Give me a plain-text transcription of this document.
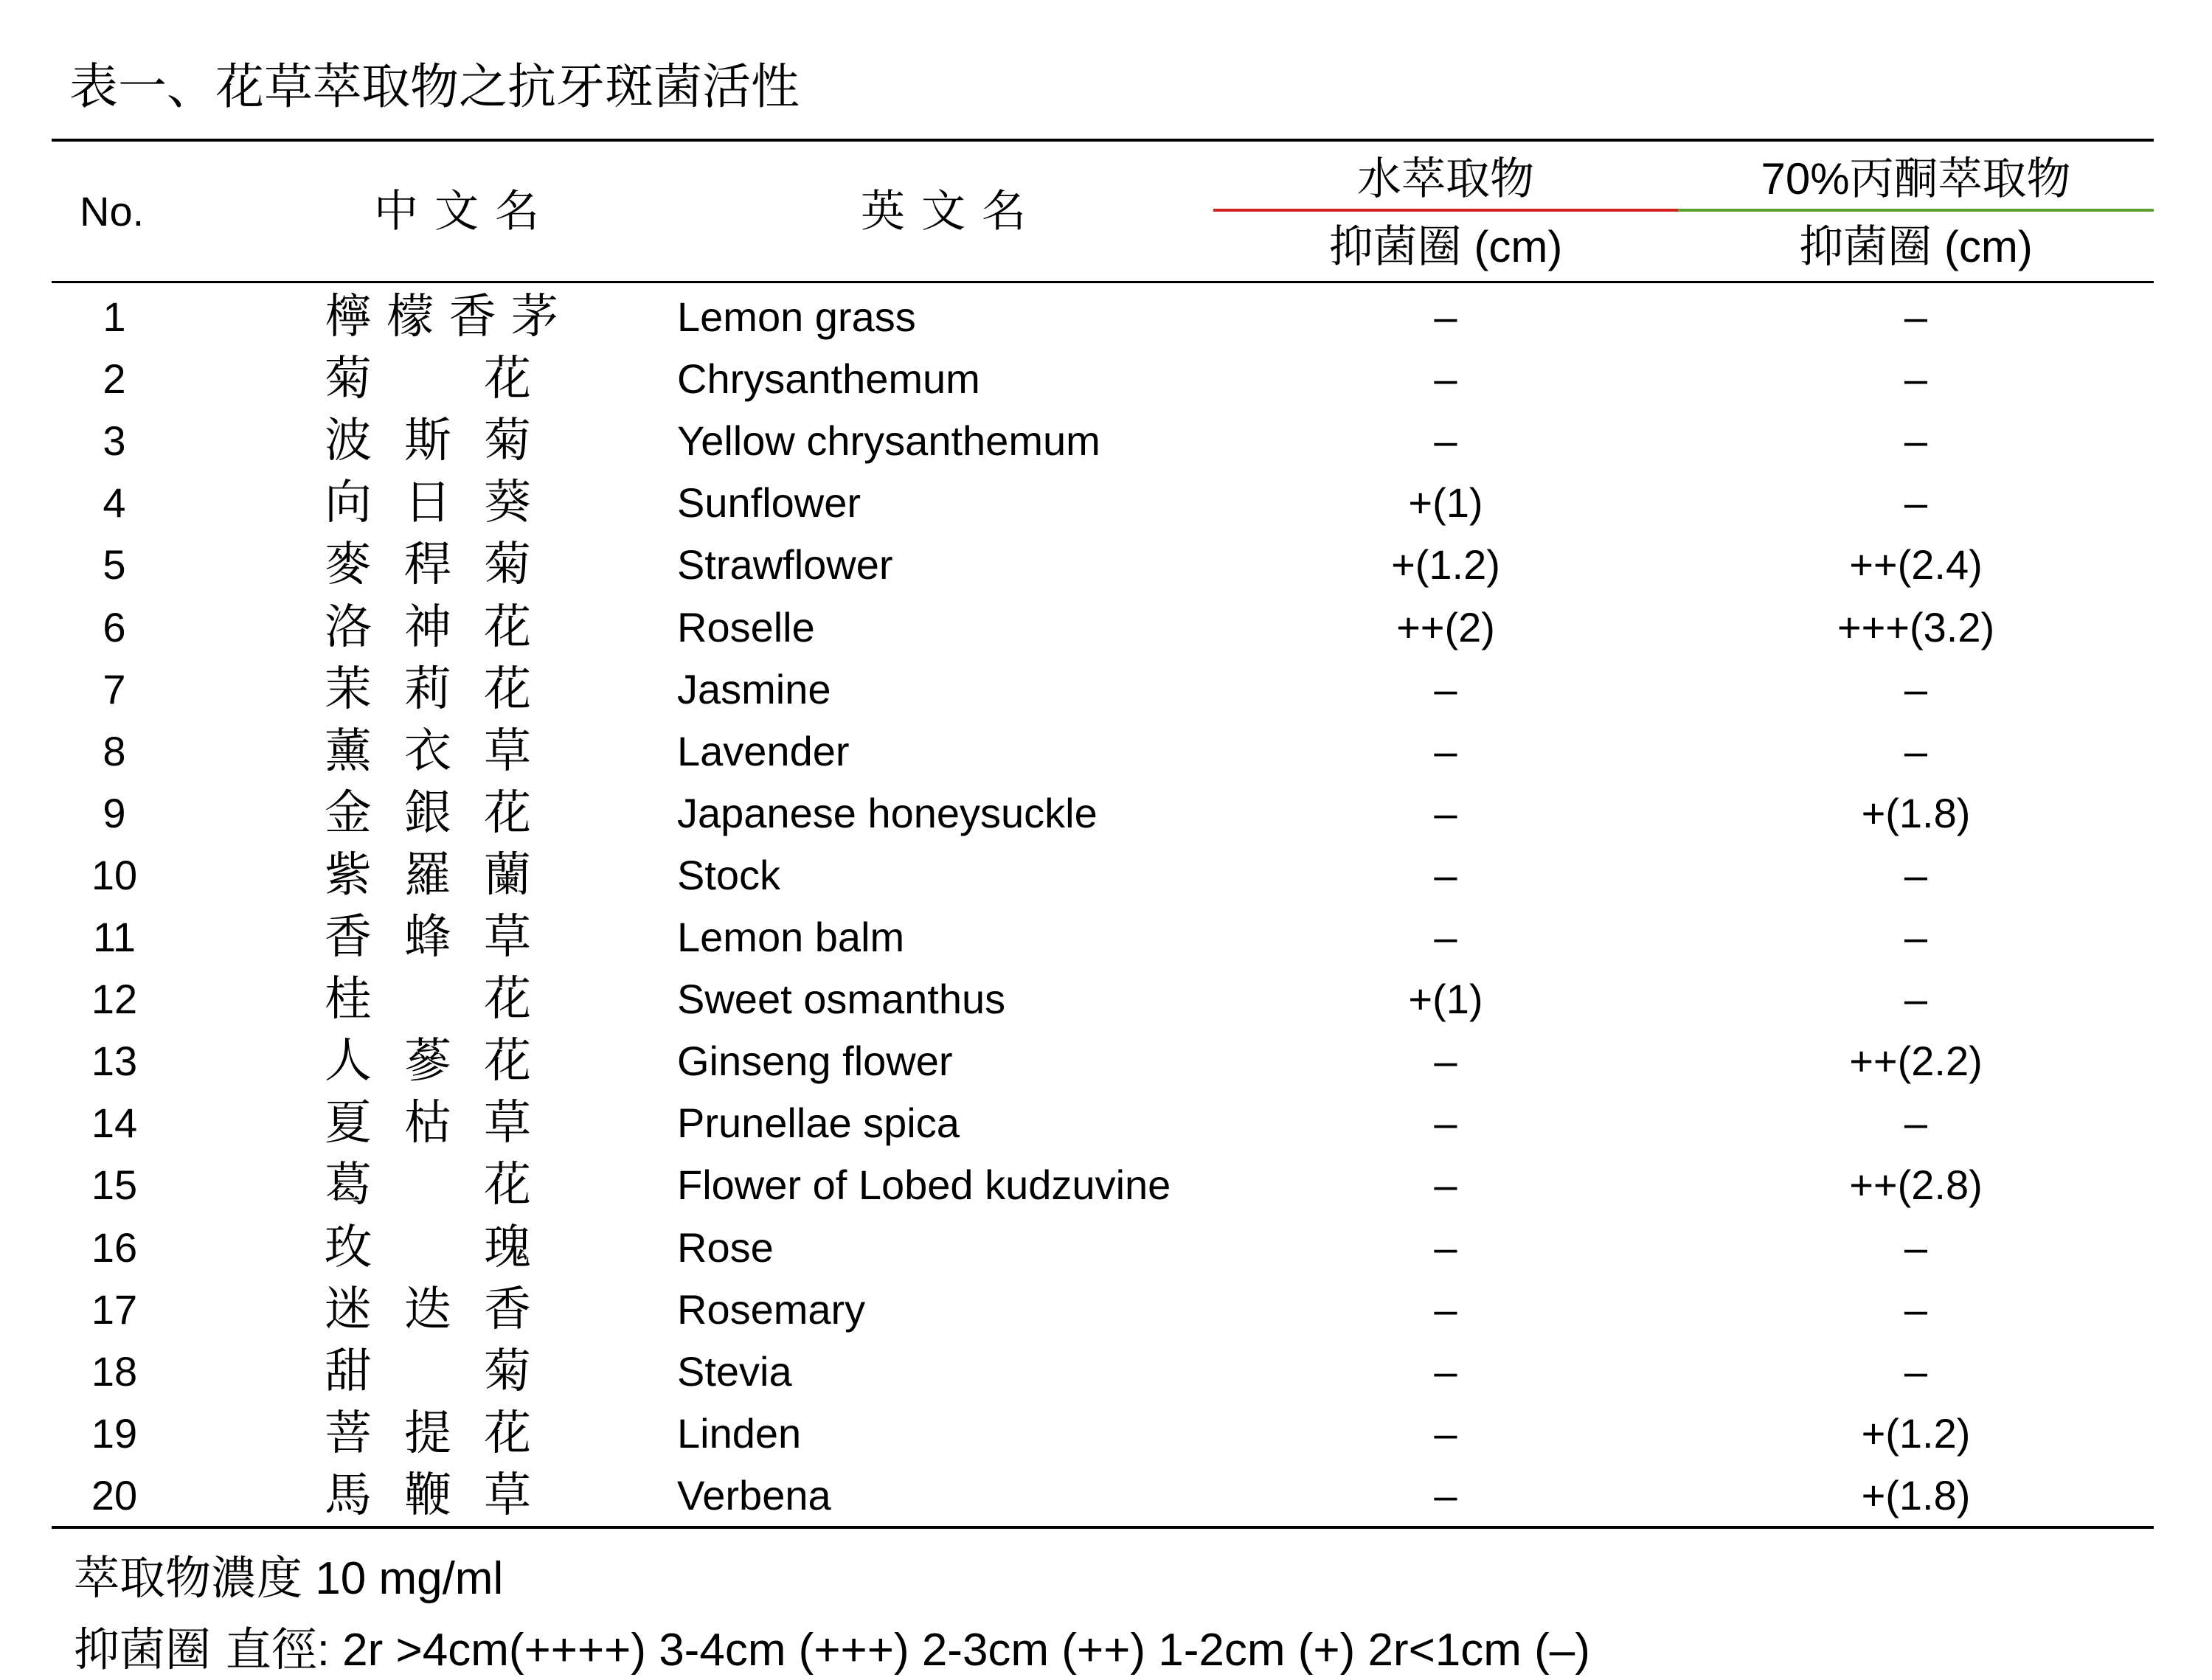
表一、花草萃取物之抗牙斑菌活性
No.	中文名	英文名
水萃取物	70%丙酮萃取物
抑菌圈 (cm)	抑菌圈 (cm)
1	檸 檬 香 茅	Lemon grass	–	–
2	菊 花	Chrysanthemum	–	–
3	波 斯 菊	Yellow chrysanthemum	–	–
4	向 日 葵	Sunflower	+(1)	–
5	麥 稈 菊	Strawflower	+(1.2)	++(2.4)
6	洛 神 花	Roselle	++(2)	+++(3.2)
7	茉 莉 花	Jasmine	–	–
8	薰 衣 草	Lavender	–	–
9	金 銀 花	Japanese honeysuckle	–	+(1.8)
10	紫 羅 蘭	Stock	–	–
11	香 蜂 草	Lemon balm	–	–
12	桂 花	Sweet osmanthus	+(1)	–
13	人 蔘 花	Ginseng flower	–	++(2.2)
14	夏 枯 草	Prunellae spica	–	–
15	葛 花	Flower of Lobed kudzuvine	–	++(2.8)
16	玫 瑰	Rose	–	–
17	迷 迭 香	Rosemary	–	–
18	甜 菊	Stevia	–	–
19	菩 提 花	Linden	–	+(1.2)
20	馬 鞭 草	Verbena	–	+(1.8)
萃取物濃度 10 mg/ml
抑菌圈 直徑: 2r >4cm(++++) 3-4cm (+++) 2-3cm (++) 1-2cm (+) 2r<1cm (–)
